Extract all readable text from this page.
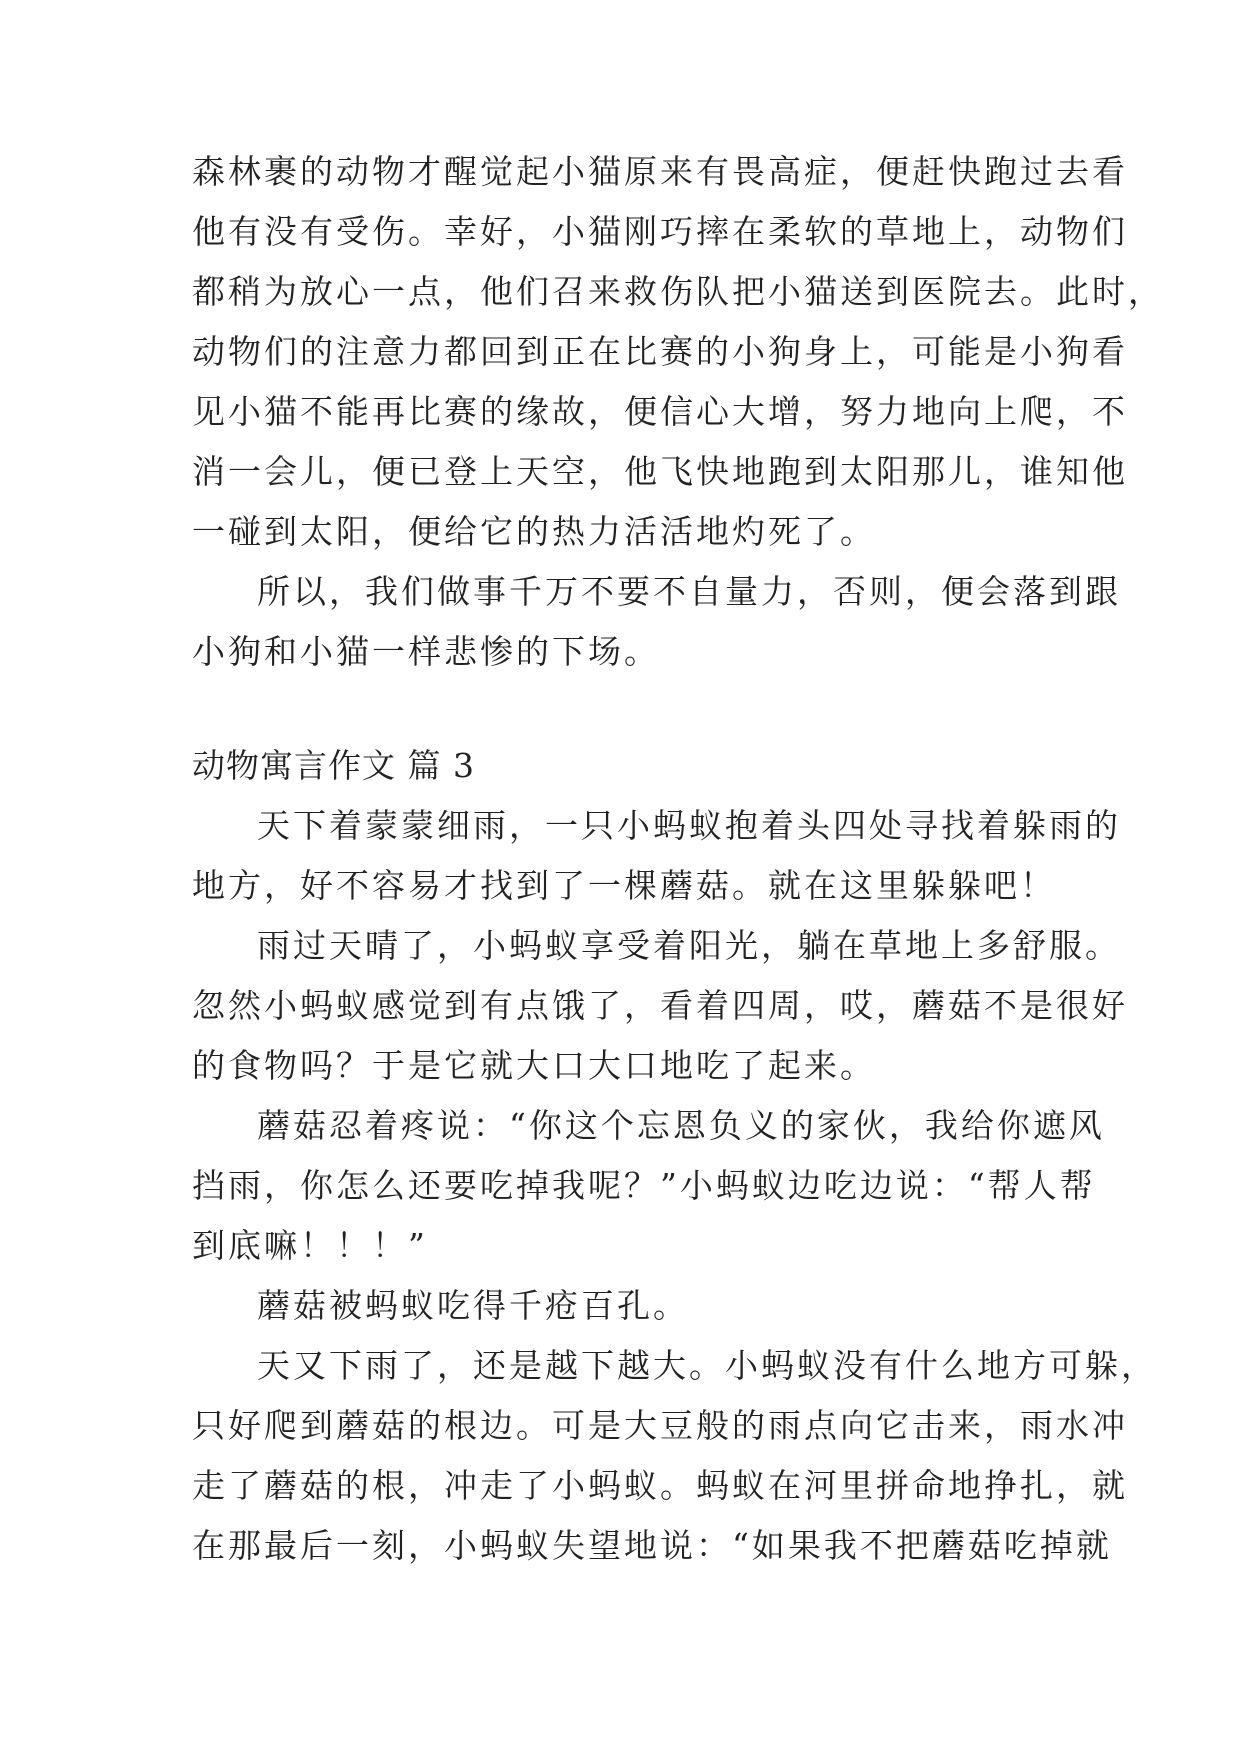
森林裹的动物才醒觉起小猫原来有畏高症，便赶快跑过去看
他有没有受伤。幸好，小猫刚巧摔在柔软的草地上，动物们
都稍为放心一点，他们召来救伤队把小猫送到医院去。此时，
动物们的注意力都回到正在比赛的小狗身上，可能是小狗看
见小猫不能再比赛的缘故，便信心大增，努力地向上爬，不
消一会儿，便已登上天空，他飞快地跑到太阳那儿，谁知他
一碰到太阳，便给它的热力活活地灼死了。
所以，我们做事千万不要不自量力，否则，便会落到跟
小狗和小猫一样悲惨的下场。
动物寓言作文 篇 3
天下着蒙蒙细雨，一只小蚂蚁抱着头四处寻找着躲雨的
地方，好不容易才找到了一棵蘑菇。就在这里躲躲吧！
雨过天晴了，小蚂蚁享受着阳光，躺在草地上多舒服。
忽然小蚂蚁感觉到有点饿了，看着四周，哎，蘑菇不是很好
的食物吗？于是它就大口大口地吃了起来。
蘑菇忍着疼说：“你这个忘恩负义的家伙，我给你遮风
挡雨，你怎么还要吃掉我呢？”小蚂蚁边吃边说：“帮人帮
到底嘛！！！”
蘑菇被蚂蚁吃得千疮百孔。
天又下雨了，还是越下越大。小蚂蚁没有什么地方可躲，
只好爬到蘑菇的根边。可是大豆般的雨点向它击来，雨水冲
走了蘑菇的根，冲走了小蚂蚁。蚂蚁在河里拼命地挣扎，就
在那最后一刻，小蚂蚁失望地说：“如果我不把蘑菇吃掉就
